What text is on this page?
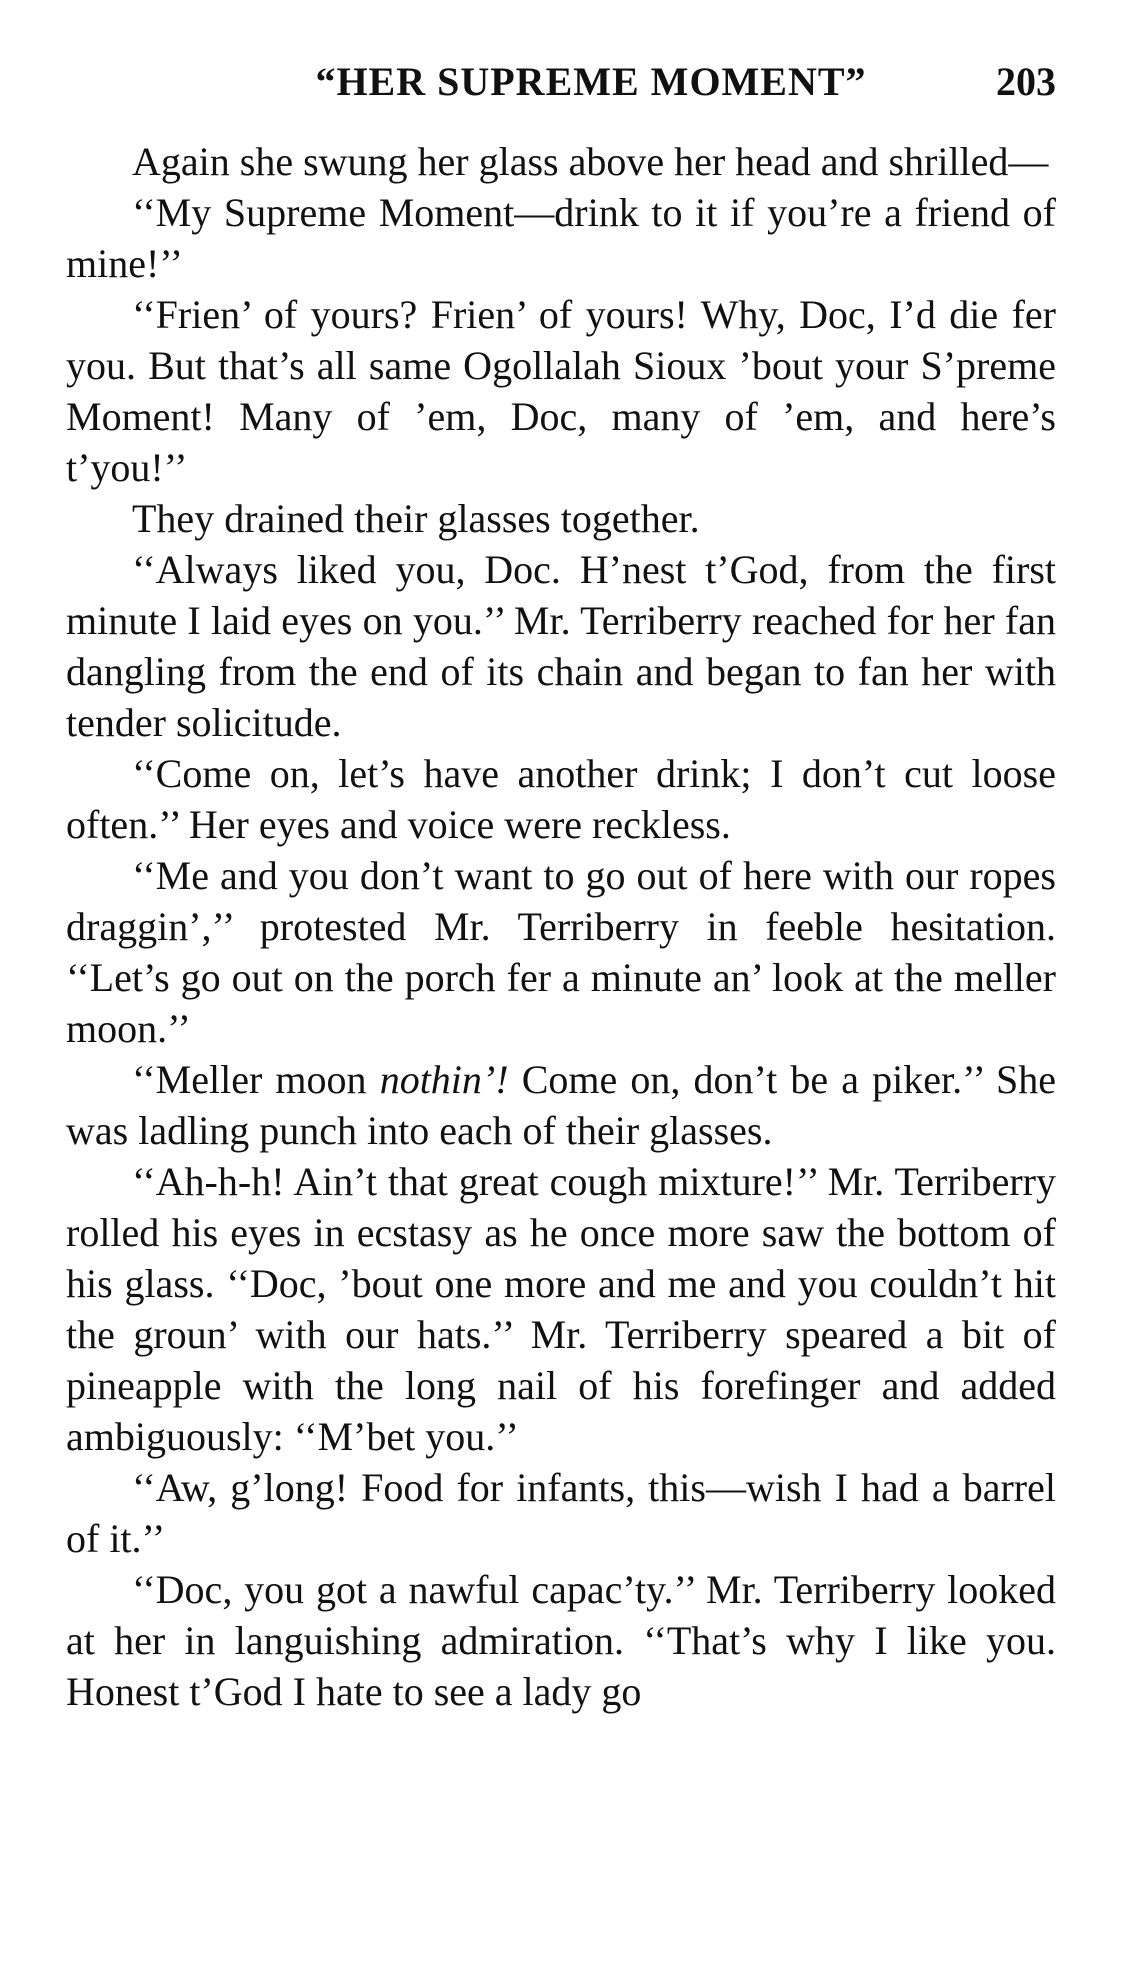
“HER SUPREME MOMENT”	203

Again she swung her glass above her head and shrilled—

‘‘My Supreme Moment—drink to it if you’re a friend of mine!’’

‘‘Frien’ of yours? Frien’ of yours! Why, Doc, I’d die fer you. But that’s all same Ogollalah Sioux ’bout your S’preme Moment! Many of ’em, Doc, many of ’em, and here’s t’you!’’

They drained their glasses together.

‘‘Always liked you, Doc. H’nest t’God, from the first minute I laid eyes on you.’’ Mr. Terriberry reached for her fan dangling from the end of its chain and began to fan her with tender solicitude.

‘‘Come on, let’s have another drink; I don’t cut loose often.’’ Her eyes and voice were reckless.

‘‘Me and you don’t want to go out of here with our ropes draggin’,’’ protested Mr. Terriberry in feeble hesitation. ‘‘Let’s go out on the porch fer a minute an’ look at the meller moon.’’

‘‘Meller moon nothin’! Come on, don’t be a piker.’’ She was ladling punch into each of their glasses.

‘‘Ah-h-h! Ain’t that great cough mixture!’’ Mr. Terriberry rolled his eyes in ecstasy as he once more saw the bottom of his glass. ‘‘Doc, ’bout one more and me and you couldn’t hit the groun’ with our hats.’’ Mr. Terriberry speared a bit of pineapple with the long nail of his forefinger and added ambiguously: ‘‘M’bet you.’’

‘‘Aw, g’long! Food for infants, this—wish I had a barrel of it.’’

‘‘Doc, you got a nawful capac’ty.’’ Mr. Terriberry looked at her in languishing admiration. ‘‘That’s why I like you. Honest t’God I hate to see a lady go
